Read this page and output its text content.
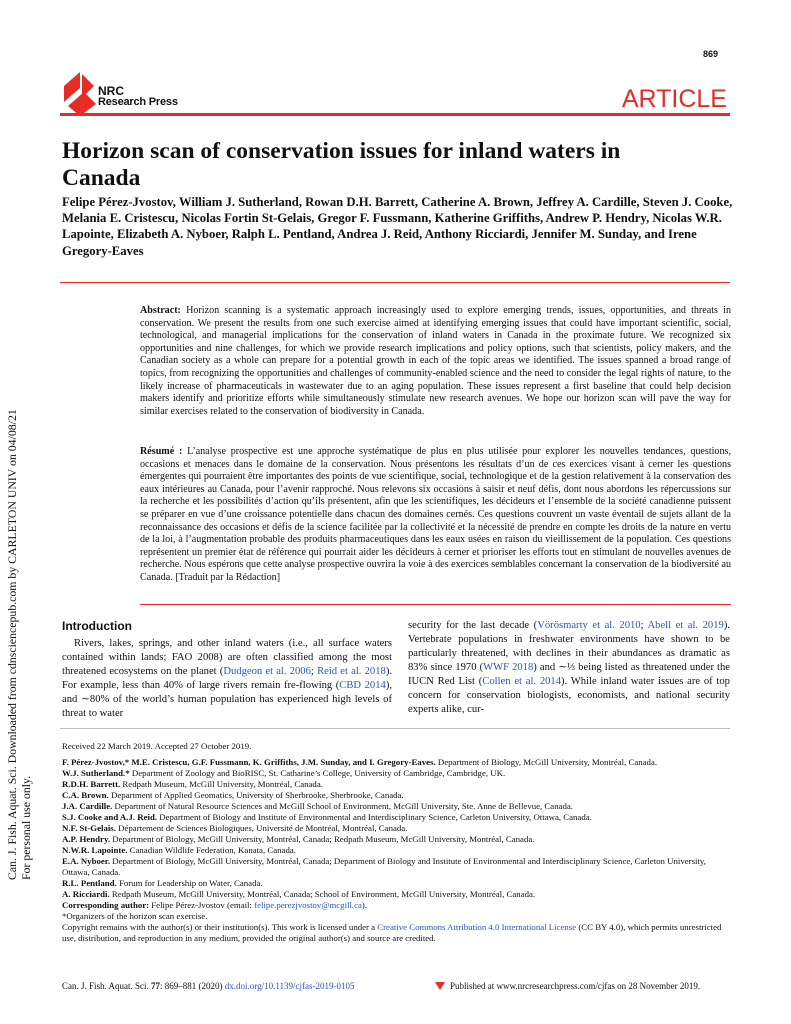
Can. J. Fish. Aquat. Sci. Downloaded from cdnsciencepub.com by CARLETON UNIV on 04/08/21 For personal use only.
869
NRC
Research Press	ARTICLE
Horizon scan of conservation issues for inland waters in Canada
Felipe Pérez-Jvostov, William J. Sutherland, Rowan D.H. Barrett, Catherine A. Brown, Jeffrey A. Cardille, Steven J. Cooke, Melania E. Cristescu, Nicolas Fortin St-Gelais, Gregor F. Fussmann, Katherine Griffiths, Andrew P. Hendry, Nicolas W.R. Lapointe, Elizabeth A. Nyboer, Ralph L. Pentland, Andrea J. Reid, Anthony Ricciardi, Jennifer M. Sunday, and Irene Gregory-Eaves
Abstract: Horizon scanning is a systematic approach increasingly used to explore emerging trends, issues, opportunities, and threats in conservation. We present the results from one such exercise aimed at identifying emerging issues that could have important scientific, social, technological, and managerial implications for the conservation of inland waters in Canada in the proximate future. We recognized six opportunities and nine challenges, for which we provide research implications and policy options, such that scientists, policy makers, and the Canadian society as a whole can prepare for a potential growth in each of the topic areas we identified. The issues spanned a broad range of topics, from recognizing the opportunities and challenges of community-enabled science and the need to consider the legal rights of nature, to the likely increase of pharmaceuticals in wastewater due to an aging population. These issues represent a first baseline that could help decision makers identify and prioritize efforts while simultaneously stimulate new research avenues. We hope our horizon scan will pave the way for similar exercises related to the conservation of biodiversity in Canada.
Résumé : L’analyse prospective est une approche systématique de plus en plus utilisée pour explorer les nouvelles tendances, questions, occasions et menaces dans le domaine de la conservation. Nous présentons les résultats d’un de ces exercices visant à cerner les questions émergentes qui pourraient être importantes des points de vue scientifique, social, technologique et de la gestion relativement à la conservation des eaux intérieures au Canada, pour l’avenir rapproché. Nous relevons six occasions à saisir et neuf défis, dont nous abordons les répercussions sur la recherche et les possibilités d’action qu’ils présentent, afin que les scientifiques, les décideurs et l’ensemble de la société canadienne puissent se préparer en vue d’une croissance potentielle dans chacun des domaines cernés. Ces questions couvrent un vaste éventail de sujets allant de la reconnaissance des occasions et défis de la science facilitée par la collectivité et la nécessité de prendre en compte les droits de la nature en vertu de la loi, à l’augmentation probable des produits pharmaceutiques dans les eaux usées en raison du vieillissement de la population. Ces questions représentent un premier état de référence qui pourrait aider les décideurs à cerner et prioriser les efforts tout en stimulant de nouvelles avenues de recherche. Nous espérons que cette analyse prospective ouvrira la voie à des exercices semblables concernant la conservation de la biodiversité au Canada. [Traduit par la Rédaction]
Introduction
Rivers, lakes, springs, and other inland waters (i.e., all surface waters contained within lands; FAO 2008) are often classified among the most threatened ecosystems on the planet (Dudgeon et al. 2006; Reid et al. 2018). For example, less than 40% of large rivers remain fre-flowing (CBD 2014), and ∼80% of the world’s human population has experienced high levels of threat to water
security for the last decade (Vörösmarty et al. 2010; Abell et al. 2019). Vertebrate populations in freshwater environments have shown to be particularly threatened, with declines in their abundances as dramatic as 83% since 1970 (WWF 2018) and ∼⅓ being listed as threatened under the IUCN Red List (Collen et al. 2014). While inland water issues are of top concern for conservation biologists, economists, and national security experts alike, cur-
Received 22 March 2019. Accepted 27 October 2019.
F. Pérez-Jvostov,* M.E. Cristescu, G.F. Fussmann, K. Griffiths, J.M. Sunday, and I. Gregory-Eaves. Department of Biology, McGill University, Montréal, Canada.
W.J. Sutherland.* Department of Zoology and BioRISC, St. Catharine’s College, University of Cambridge, Cambridge, UK.
R.D.H. Barrett. Redpath Museum, McGill University, Montréal, Canada.
C.A. Brown. Department of Applied Geomatics, University of Sherbrooke, Sherbrooke, Canada.
J.A. Cardille. Department of Natural Resource Sciences and McGill School of Environment, McGill University, Ste. Anne de Bellevue, Canada.
S.J. Cooke and A.J. Reid. Department of Biology and Institute of Environmental and Interdisciplinary Science, Carleton University, Ottawa, Canada.
N.F. St-Gelais. Département de Sciences Biologiques, Université de Montréal, Montréal, Canada.
A.P. Hendry. Department of Biology, McGill University, Montréal, Canada; Redpath Museum, McGill University, Montréal, Canada.
N.W.R. Lapointe. Canadian Wildlife Federation, Kanata, Canada.
E.A. Nyboer. Department of Biology, McGill University, Montréal, Canada; Department of Biology and Institute of Environmental and Interdisciplinary Science, Carleton University, Ottawa, Canada.
R.L. Pentland. Forum for Leadership on Water, Canada.
A. Ricciardi. Redpath Museum, McGill University, Montréal, Canada; School of Environment, McGill University, Montréal, Canada.
Corresponding author: Felipe Pérez-Jvostov (email: felipe.perezjvostov@mcgill.ca).
*Organizers of the horizon scan exercise.
Copyright remains with the author(s) or their institution(s). This work is licensed under a Creative Commons Attribution 4.0 International License (CC BY 4.0), which permits unrestricted use, distribution, and reproduction in any medium, provided the original author(s) and source are credited.
Can. J. Fish. Aquat. Sci. 77: 869–881 (2020) dx.doi.org/10.1139/cjfas-2019-0105	Published at www.nrcresearchpress.com/cjfas on 28 November 2019.
